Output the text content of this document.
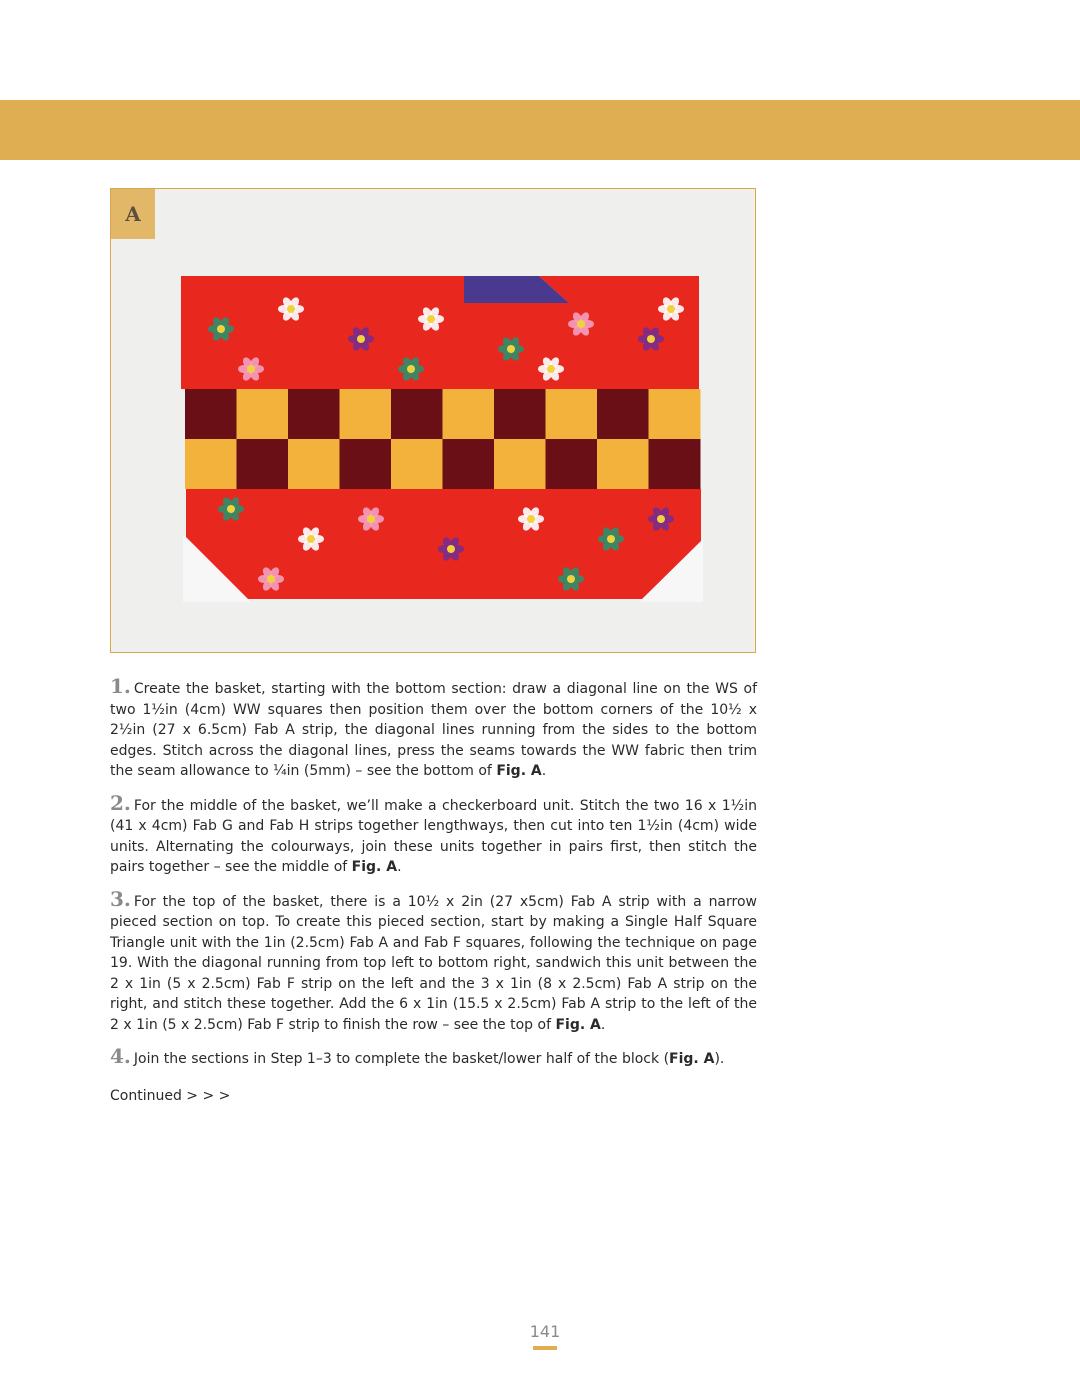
A

1. Create the basket, starting with the bottom section: draw a diagonal line on the WS of two 1½in (4cm) WW squares then position them over the bottom corners of the 10½ x 2½in (27 x 6.5cm) Fab A strip, the diagonal lines running from the sides to the bottom edges. Stitch across the diagonal lines, press the seams towards the WW fabric then trim the seam allowance to ¼in (5mm) – see the bottom of Fig. A.

2. For the middle of the basket, we’ll make a checkerboard unit. Stitch the two 16 x 1½in (41 x 4cm) Fab G and Fab H strips together lengthways, then cut into ten 1½in (4cm) wide units. Alternating the colourways, join these units together in pairs first, then stitch the pairs together – see the middle of Fig. A.

3. For the top of the basket, there is a 10½ x 2in (27 x5cm) Fab A strip with a narrow pieced section on top. To create this pieced section, start by making a Single Half Square Triangle unit with the 1in (2.5cm) Fab A and Fab F squares, following the technique on page 19. With the diagonal running from top left to bottom right, sandwich this unit between the 2 x 1in (5 x 2.5cm) Fab F strip on the left and the 3 x 1in (8 x 2.5cm) Fab A strip on the right, and stitch these together. Add the 6 x 1in (15.5 x 2.5cm) Fab A strip to the left of the 2 x 1in (5 x 2.5cm) Fab F strip to finish the row – see the top of Fig. A.

4. Join the sections in Step 1–3 to complete the basket/lower half of the block (Fig. A).

Continued > > >
141
